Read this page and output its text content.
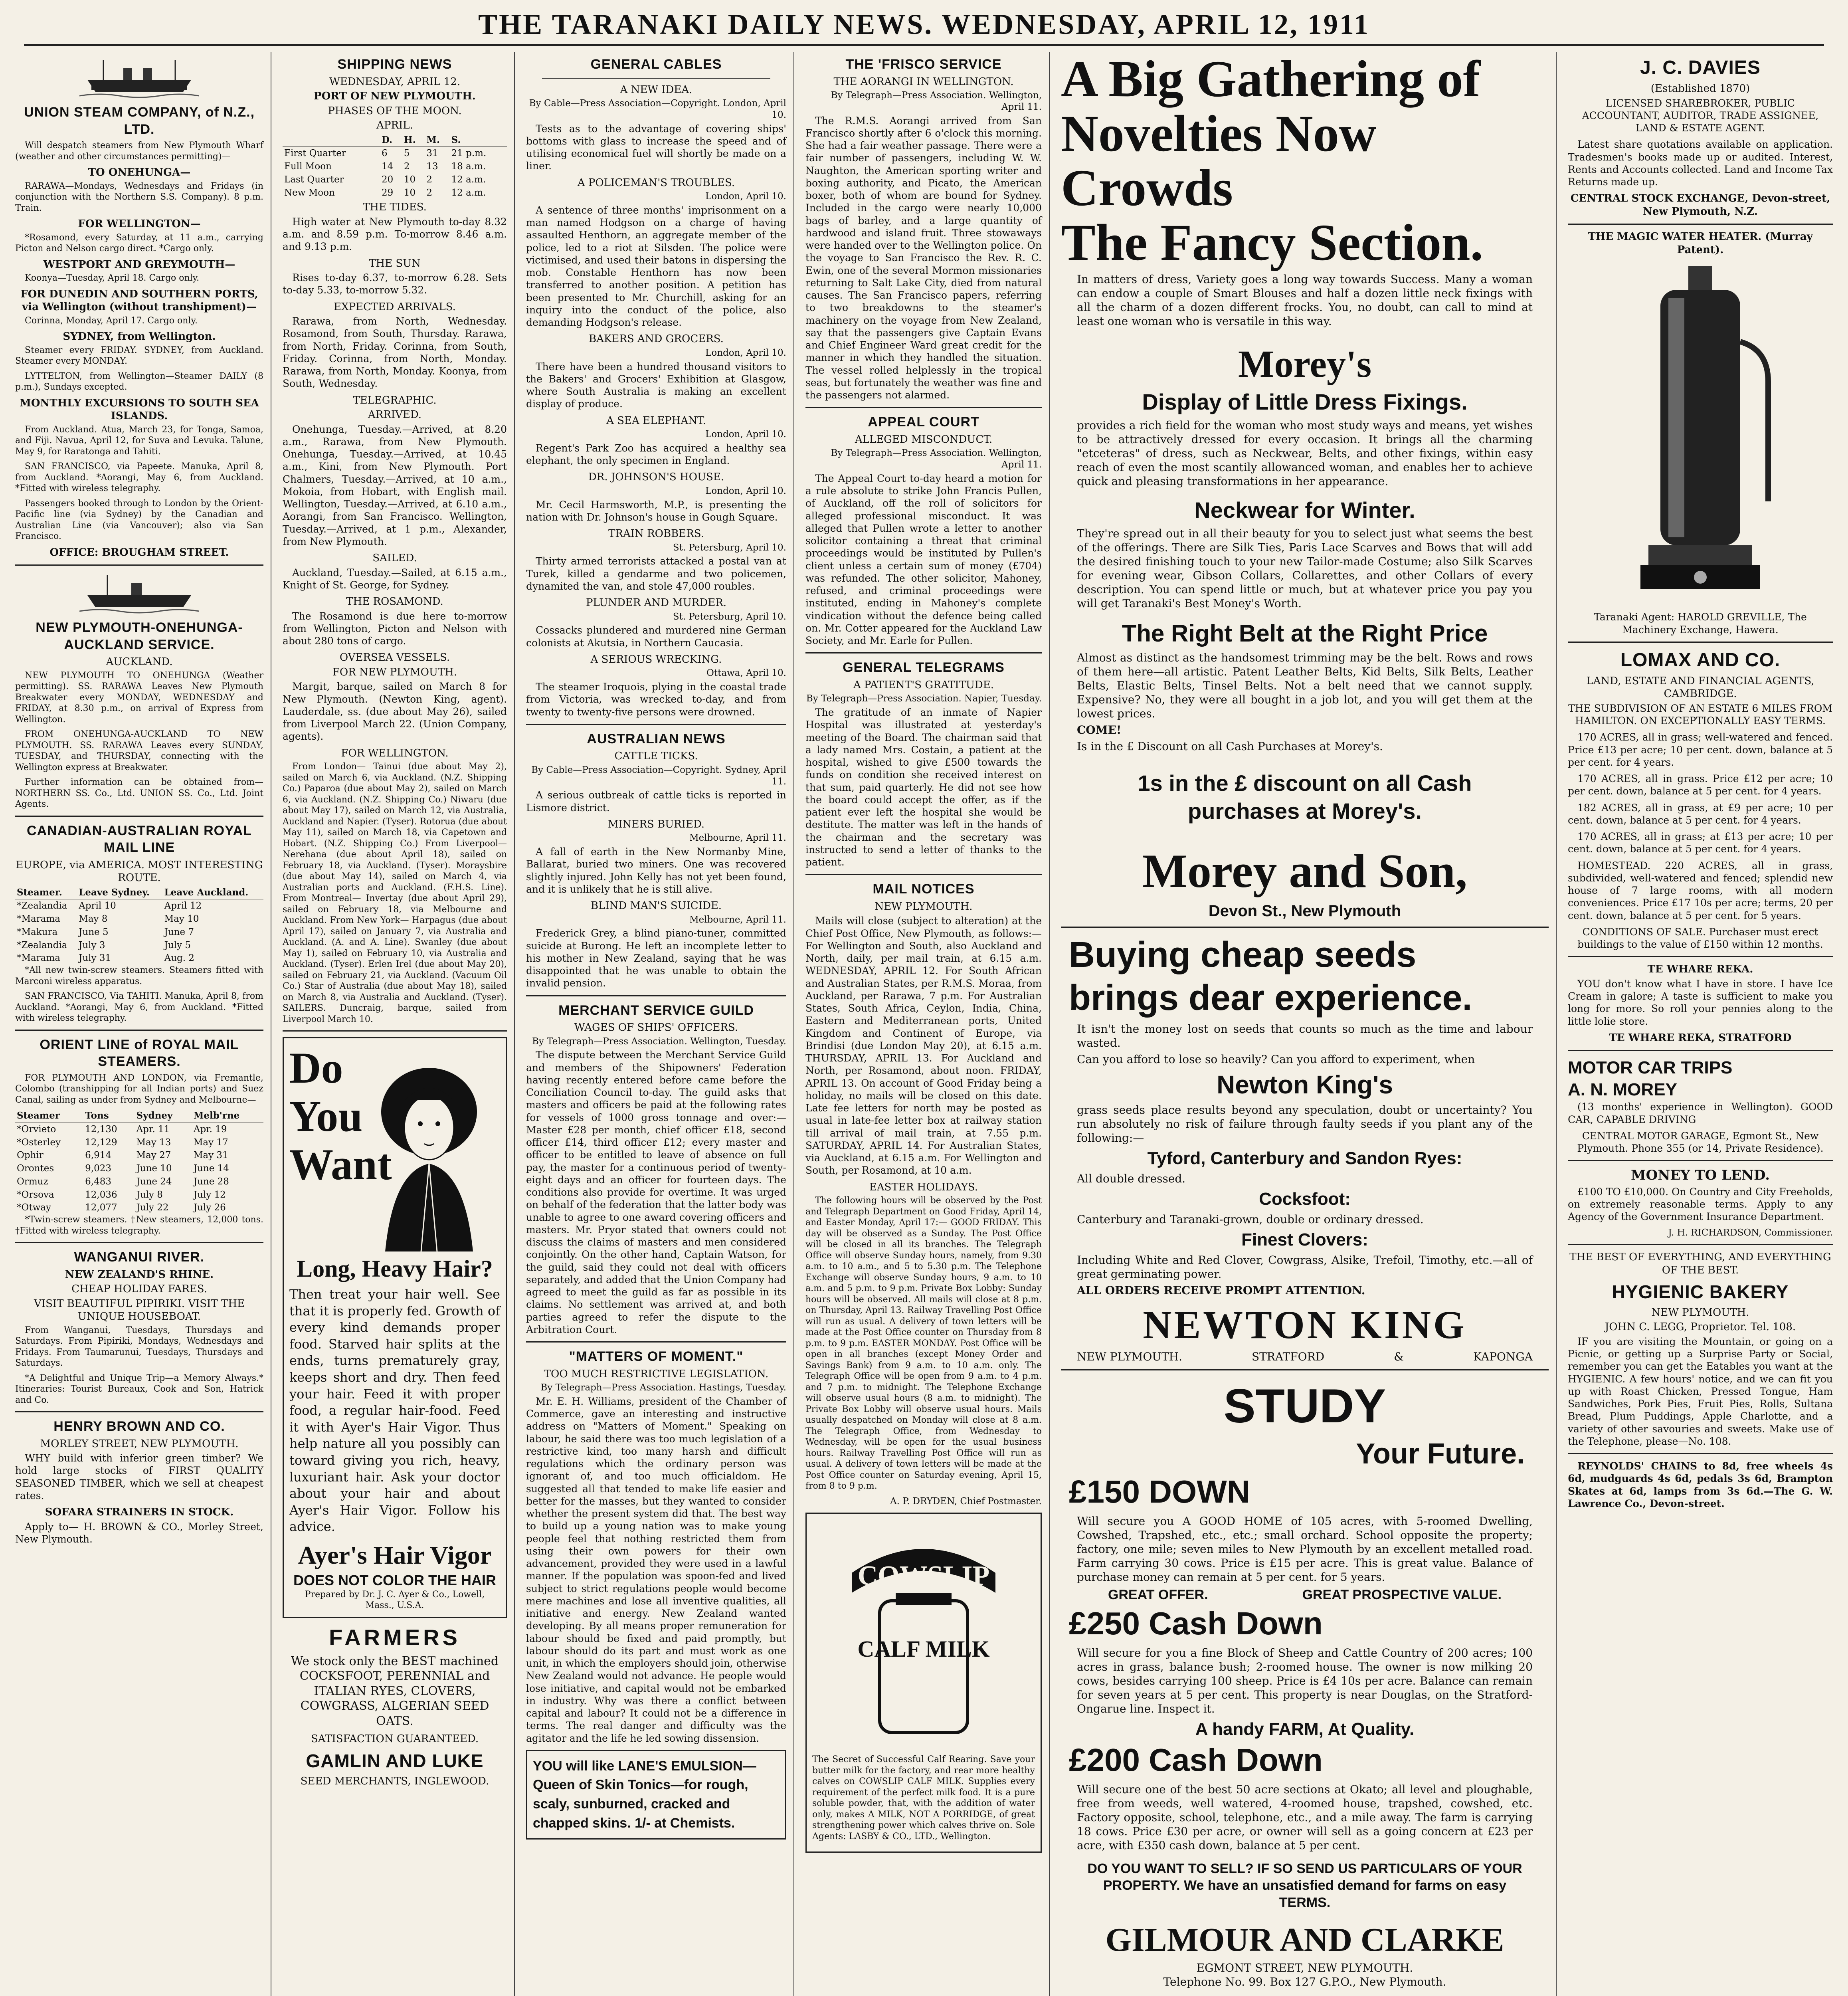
THE TARANAKI DAILY NEWS. WEDNESDAY, APRIL 12, 1911
UNION STEAM COMPANY, of N.Z., LTD.
Will despatch steamers from New Plymouth Wharf (weather and other circumstances permitting)—
TO ONEHUNGA—
RARAWA—Mondays, Wednesdays and Fridays (in conjunction with the Northern S.S. Company). 8 p.m. Train.
FOR WELLINGTON—
*Rosamond, every Saturday, at 11 a.m., carrying Picton and Nelson cargo direct. *Cargo only.
WESTPORT AND GREYMOUTH—
Koonya—Tuesday, April 18. Cargo only.
FOR DUNEDIN AND SOUTHERN PORTS, via Wellington (without transhipment)—
Corinna, Monday, April 17. Cargo only.
SYDNEY, from Wellington.
Steamer every FRIDAY. SYDNEY, from Auckland. Steamer every MONDAY.
LYTTELTON, from Wellington—Steamer DAILY (8 p.m.), Sundays excepted.
MONTHLY EXCURSIONS TO SOUTH SEA ISLANDS.
From Auckland. Atua, March 23, for Tonga, Samoa, and Fiji. Navua, April 12, for Suva and Levuka. Talune, May 9, for Raratonga and Tahiti.
SAN FRANCISCO, via Papeete. Manuka, April 8, from Auckland. *Aorangi, May 6, from Auckland. *Fitted with wireless telegraphy.
Passengers booked through to London by the Orient-Pacific line (via Sydney) by the Canadian and Australian Line (via Vancouver); also via San Francisco.
OFFICE: BROUGHAM STREET.
NEW PLYMOUTH-ONEHUNGA-AUCKLAND SERVICE.
AUCKLAND.
NEW PLYMOUTH TO ONEHUNGA (Weather permitting). SS. RARAWA Leaves New Plymouth Breakwater every MONDAY, WEDNESDAY and FRIDAY, at 8.30 p.m., on arrival of Express from Wellington.
FROM ONEHUNGA-AUCKLAND TO NEW PLYMOUTH. SS. RARAWA Leaves every SUNDAY, TUESDAY, and THURSDAY, connecting with the Wellington express at Breakwater.
Further information can be obtained from— NORTHERN SS. Co., Ltd. UNION SS. Co., Ltd. Joint Agents.
CANADIAN-AUSTRALIAN ROYAL MAIL LINE
EUROPE, via AMERICA. MOST INTERESTING ROUTE.
Steamer.	Leave Sydney.	Leave Auckland.
*Zealandia	April 10	April 12
*Marama	May 8	May 10
*Makura	June 5	June 7
*Zealandia	July 3	July 5
*Marama	July 31	Aug. 2
*All new twin-screw steamers. Steamers fitted with Marconi wireless apparatus.
SAN FRANCISCO, Via TAHITI. Manuka, April 8, from Auckland. *Aorangi, May 6, from Auckland. *Fitted with wireless telegraphy.
ORIENT LINE of ROYAL MAIL STEAMERS.
FOR PLYMOUTH AND LONDON, via Fremantle, Colombo (transhipping for all Indian ports) and Suez Canal, sailing as under from Sydney and Melbourne—
Steamer	Tons	Sydney	Melb'rne
*Orvieto	12,130	Apr. 11	Apr. 19
*Osterley	12,129	May 13	May 17
Ophir	6,914	May 27	May 31
Orontes	9,023	June 10	June 14
Ormuz	6,483	June 24	June 28
*Orsova	12,036	July 8	July 12
*Otway	12,077	July 22	July 26
*Twin-screw steamers. †New steamers, 12,000 tons. †Fitted with wireless telegraphy.
WANGANUI RIVER.
NEW ZEALAND'S RHINE.
CHEAP HOLIDAY FARES.
VISIT BEAUTIFUL PIPIRIKI. VISIT THE UNIQUE HOUSEBOAT.
From Wanganui, Tuesdays, Thursdays and Saturdays. From Pipiriki, Mondays, Wednesdays and Fridays. From Taumarunui, Tuesdays, Thursdays and Saturdays.
*A Delightful and Unique Trip—a Memory Always.* Itineraries: Tourist Bureaux, Cook and Son, Hatrick and Co.
HENRY BROWN AND CO.
MORLEY STREET, NEW PLYMOUTH.
WHY build with inferior green timber? We hold large stocks of FIRST QUALITY SEASONED TIMBER, which we sell at cheapest rates.
SOFARA STRAINERS IN STOCK.
Apply to— H. BROWN & CO., Morley Street, New Plymouth.
SHIPPING NEWS
WEDNESDAY, APRIL 12.
PORT OF NEW PLYMOUTH.
PHASES OF THE MOON.
APRIL.
	D.	H.	M.	S.
First Quarter	6	5	31	21 p.m.
Full Moon	14	2	13	18 a.m.
Last Quarter	20	10	2	12 a.m.
New Moon	29	10	2	12 a.m.
THE TIDES.
High water at New Plymouth to-day 8.32 a.m. and 8.59 p.m. To-morrow 8.46 a.m. and 9.13 p.m.
THE SUN
Rises to-day 6.37, to-morrow 6.28. Sets to-day 5.33, to-morrow 5.32.
EXPECTED ARRIVALS.
Rarawa, from North, Wednesday. Rosamond, from South, Thursday. Rarawa, from North, Friday. Corinna, from South, Friday. Corinna, from North, Monday. Rarawa, from North, Monday. Koonya, from South, Wednesday.
TELEGRAPHIC.
ARRIVED.
Onehunga, Tuesday.—Arrived, at 8.20 a.m., Rarawa, from New Plymouth. Onehunga, Tuesday.—Arrived, at 10.45 a.m., Kini, from New Plymouth. Port Chalmers, Tuesday.—Arrived, at 10 a.m., Mokoia, from Hobart, with English mail. Wellington, Tuesday.—Arrived, at 6.10 a.m., Aorangi, from San Francisco. Wellington, Tuesday.—Arrived, at 1 p.m., Alexander, from New Plymouth.
SAILED.
Auckland, Tuesday.—Sailed, at 6.15 a.m., Knight of St. George, for Sydney.
THE ROSAMOND.
The Rosamond is due here to-morrow from Wellington, Picton and Nelson with about 280 tons of cargo.
OVERSEA VESSELS.
FOR NEW PLYMOUTH.
Margit, barque, sailed on March 8 for New Plymouth. (Newton King, agent). Lauderdale, ss. (due about May 26), sailed from Liverpool March 22. (Union Company, agents).
FOR WELLINGTON.
From London— Tainui (due about May 2), sailed on March 6, via Auckland. (N.Z. Shipping Co.) Paparoa (due about May 2), sailed on March 6, via Auckland. (N.Z. Shipping Co.) Niwaru (due about May 17), sailed on March 12, via Australia, Auckland and Napier. (Tyser). Rotorua (due about May 11), sailed on March 18, via Capetown and Hobart. (N.Z. Shipping Co.) From Liverpool— Nerehana (due about April 18), sailed on February 18, via Auckland. (Tyser). Moraysbire (due about May 14), sailed on March 4, via Australian ports and Auckland. (F.H.S. Line). From Montreal— Invertay (due about April 29), sailed on February 18, via Melbourne and Auckland. From New York— Harpagus (due about April 17), sailed on January 7, via Australia and Auckland. (A. and A. Line). Swanley (due about May 1), sailed on February 10, via Australia and Auckland. (Tyser). Erlen Irel (due about May 20), sailed on February 21, via Auckland. (Vacuum Oil Co.) Star of Australia (due about May 18), sailed on March 8, via Australia and Auckland. (Tyser). SAILERS. Duncraig, barque, sailed from Liverpool March 10.
Do
You
Want
Long, Heavy Hair?
Then treat your hair well. See that it is properly fed. Growth of every kind demands proper food. Starved hair splits at the ends, turns prematurely gray, keeps short and dry. Then feed your hair. Feed it with proper food, a regular hair-food. Feed it with Ayer's Hair Vigor. Thus help nature all you possibly can toward giving you rich, heavy, luxuriant hair. Ask your doctor about your hair and about Ayer's Hair Vigor. Follow his advice.
Ayer's Hair Vigor
DOES NOT COLOR THE HAIR
Prepared by Dr. J. C. Ayer & Co., Lowell, Mass., U.S.A.
FARMERS
We stock only the BEST machined COCKSFOOT, PERENNIAL and ITALIAN RYES, CLOVERS, COWGRASS, ALGERIAN SEED OATS.
SATISFACTION GUARANTEED.
GAMLIN AND LUKE
SEED MERCHANTS, INGLEWOOD.
GENERAL CABLES
A NEW IDEA.
By Cable—Press Association—Copyright. London, April 10.
Tests as to the advantage of covering ships' bottoms with glass to increase the speed and of utilising economical fuel will shortly be made on a liner.
A POLICEMAN'S TROUBLES.
London, April 10.
A sentence of three months' imprisonment on a man named Hodgson on a charge of having assaulted Henthorn, an aggregate member of the police, led to a riot at Silsden. The police were victimised, and used their batons in dispersing the mob. Constable Henthorn has now been transferred to another position. A petition has been presented to Mr. Churchill, asking for an inquiry into the conduct of the police, also demanding Hodgson's release.
BAKERS AND GROCERS.
London, April 10.
There have been a hundred thousand visitors to the Bakers' and Grocers' Exhibition at Glasgow, where South Australia is making an excellent display of produce.
A SEA ELEPHANT.
London, April 10.
Regent's Park Zoo has acquired a healthy sea elephant, the only specimen in England.
DR. JOHNSON'S HOUSE.
London, April 10.
Mr. Cecil Harmsworth, M.P., is presenting the nation with Dr. Johnson's house in Gough Square.
TRAIN ROBBERS.
St. Petersburg, April 10.
Thirty armed terrorists attacked a postal van at Turek, killed a gendarme and two policemen, dynamited the van, and stole 47,000 roubles.
PLUNDER AND MURDER.
St. Petersburg, April 10.
Cossacks plundered and murdered nine German colonists at Akutsia, in Northern Caucasia.
A SERIOUS WRECKING.
Ottawa, April 10.
The steamer Iroquois, plying in the coastal trade from Victoria, was wrecked to-day, and from twenty to twenty-five persons were drowned.
AUSTRALIAN NEWS
CATTLE TICKS.
By Cable—Press Association—Copyright. Sydney, April 11.
A serious outbreak of cattle ticks is reported in Lismore district.
MINERS BURIED.
Melbourne, April 11.
A fall of earth in the New Normanby Mine, Ballarat, buried two miners. One was recovered slightly injured. John Kelly has not yet been found, and it is unlikely that he is still alive.
BLIND MAN'S SUICIDE.
Melbourne, April 11.
Frederick Grey, a blind piano-tuner, committed suicide at Burong. He left an incomplete letter to his mother in New Zealand, saying that he was disappointed that he was unable to obtain the invalid pension.
MERCHANT SERVICE GUILD
WAGES OF SHIPS' OFFICERS.
By Telegraph—Press Association. Wellington, Tuesday.
The dispute between the Merchant Service Guild and members of the Shipowners' Federation having recently entered before came before the Conciliation Council to-day. The guild asks that masters and officers be paid at the following rates for vessels of 1000 gross tonnage and over:— Master £28 per month, chief officer £18, second officer £14, third officer £12; every master and officer to be entitled to leave of absence on full pay, the master for a continuous period of twenty-eight days and an officer for fourteen days. The conditions also provide for overtime. It was urged on behalf of the federation that the latter body was unable to agree to one award covering officers and masters. Mr. Pryor stated that owners could not discuss the claims of masters and men considered conjointly. On the other hand, Captain Watson, for the guild, said they could not deal with officers separately, and added that the Union Company had agreed to meet the guild as far as possible in its claims. No settlement was arrived at, and both parties agreed to refer the dispute to the Arbitration Court.
"MATTERS OF MOMENT."
TOO MUCH RESTRICTIVE LEGISLATION.
By Telegraph—Press Association. Hastings, Tuesday.
Mr. E. H. Williams, president of the Chamber of Commerce, gave an interesting and instructive address on "Matters of Moment." Speaking on labour, he said there was too much legislation of a restrictive kind, too many harsh and difficult regulations which the ordinary person was ignorant of, and too much officialdom. He suggested all that tended to make life easier and better for the masses, but they wanted to consider whether the present system did that. The best way to build up a young nation was to make young people feel that nothing restricted them from using their own powers for their own advancement, provided they were used in a lawful manner. If the population was spoon-fed and lived subject to strict regulations people would become mere machines and lose all inventive qualities, all initiative and energy. New Zealand wanted developing. By all means proper remuneration for labour should be fixed and paid promptly, but labour should do its part and must work as one unit, in which the employers should join, otherwise New Zealand would not advance. He people would lose initiative, and capital would not be embarked in industry. Why was there a conflict between capital and labour? It could not be a difference in terms. The real danger and difficulty was the agitator and the life he led sowing dissension.
YOU will like LANE'S EMULSION—Queen of Skin Tonics—for rough, scaly, sunburned, cracked and chapped skins. 1/- at Chemists.
THE 'FRISCO SERVICE
THE AORANGI IN WELLINGTON.
By Telegraph—Press Association. Wellington, April 11.
The R.M.S. Aorangi arrived from San Francisco shortly after 6 o'clock this morning. She had a fair weather passage. There were a fair number of passengers, including W. W. Naughton, the American sporting writer and boxing authority, and Picato, the American boxer, both of whom are bound for Sydney. Included in the cargo were nearly 10,000 bags of barley, and a large quantity of hardwood and island fruit. Three stowaways were handed over to the Wellington police. On the voyage to San Francisco the Rev. R. C. Ewin, one of the several Mormon missionaries returning to Salt Lake City, died from natural causes. The San Francisco papers, referring to two breakdowns to the steamer's machinery on the voyage from New Zealand, say that the passengers give Captain Evans and Chief Engineer Ward great credit for the manner in which they handled the situation. The vessel rolled helplessly in the tropical seas, but fortunately the weather was fine and the passengers not alarmed.
APPEAL COURT
ALLEGED MISCONDUCT.
By Telegraph—Press Association. Wellington, April 11.
The Appeal Court to-day heard a motion for a rule absolute to strike John Francis Pullen, of Auckland, off the roll of solicitors for alleged professional misconduct. It was alleged that Pullen wrote a letter to another solicitor containing a threat that criminal proceedings would be instituted by Pullen's client unless a certain sum of money (£704) was refunded. The other solicitor, Mahoney, refused, and criminal proceedings were instituted, ending in Mahoney's complete vindication without the defence being called on. Mr. Cotter appeared for the Auckland Law Society, and Mr. Earle for Pullen.
GENERAL TELEGRAMS
A PATIENT'S GRATITUDE.
By Telegraph—Press Association. Napier, Tuesday.
The gratitude of an inmate of Napier Hospital was illustrated at yesterday's meeting of the Board. The chairman said that a lady named Mrs. Costain, a patient at the hospital, wished to give £500 towards the funds on condition she received interest on that sum, paid quarterly. He did not see how the board could accept the offer, as if the patient ever left the hospital she would be destitute. The matter was left in the hands of the chairman and the secretary was instructed to send a letter of thanks to the patient.
MAIL NOTICES
NEW PLYMOUTH.
Mails will close (subject to alteration) at the Chief Post Office, New Plymouth, as follows:— For Wellington and South, also Auckland and North, daily, per mail train, at 6.15 a.m. WEDNESDAY, APRIL 12. For South African and Australian States, per R.M.S. Moraa, from Auckland, per Rarawa, 7 p.m. For Australian States, South Africa, Ceylon, India, China, Eastern and Mediterranean ports, United Kingdom and Continent of Europe, via Brindisi (due London May 20), at 6.15 a.m. THURSDAY, APRIL 13. For Auckland and North, per Rosamond, about noon. FRIDAY, APRIL 13. On account of Good Friday being a holiday, no mails will be closed on this date. Late fee letters for north may be posted as usual in late-fee letter box at railway station till arrival of mail train, at 7.55 p.m. SATURDAY, APRIL 14. For Australian States, via Auckland, at 6.15 a.m. For Wellington and South, per Rosamond, at 10 a.m.
EASTER HOLIDAYS.
The following hours will be observed by the Post and Telegraph Department on Good Friday, April 14, and Easter Monday, April 17:— GOOD FRIDAY. This day will be observed as a Sunday. The Post Office will be closed in all its branches. The Telegraph Office will observe Sunday hours, namely, from 9.30 a.m. to 10 a.m., and 5 to 5.30 p.m. The Telephone Exchange will observe Sunday hours, 9 a.m. to 10 a.m. and 5 p.m. to 9 p.m. Private Box Lobby: Sunday hours will be observed. All mails will close at 8 p.m. on Thursday, April 13. Railway Travelling Post Office will run as usual. A delivery of town letters will be made at the Post Office counter on Thursday from 8 p.m. to 9 p.m. EASTER MONDAY. Post Office will be open in all branches (except Money Order and Savings Bank) from 9 a.m. to 10 a.m. only. The Telegraph Office will be open from 9 a.m. to 4 p.m. and 7 p.m. to midnight. The Telephone Exchange will observe usual hours (8 a.m. to midnight). The Private Box Lobby will observe usual hours. Mails usually despatched on Monday will close at 8 a.m. The Telegraph Office, from Wednesday to Wednesday, will be open for the usual business hours. Railway Travelling Post Office will run as usual. A delivery of town letters will be made at the Post Office counter on Saturday evening, April 15, from 8 to 9 p.m.
A. P. DRYDEN, Chief Postmaster.
COWSLIP
CALF MILK
The Secret of Successful Calf Rearing. Save your butter milk for the factory, and rear more healthy calves on COWSLIP CALF MILK. Supplies every requirement of the perfect milk food. It is a pure soluble powder, that, with the addition of water only, makes A MILK, NOT A PORRIDGE, of great strengthening power which calves thrive on. Sole Agents: LASBY & CO., LTD., Wellington.
A Big Gathering of
Novelties Now Crowds
The Fancy Section.

In matters of dress, Variety goes a long way towards Success. Many a woman can endow a couple of Smart Blouses and half a dozen little neck fixings with all the charm of a dozen different frocks. You, no doubt, can call to mind at least one woman who is versatile in this way.

Morey's
Display of Little Dress Fixings.

provides a rich field for the woman who most study ways and means, yet wishes to be attractively dressed for every occasion. It brings all the charming "etceteras" of dress, such as Neckwear, Belts, and other fixings, within easy reach of even the most scantily allowanced woman, and enables her to achieve quick and pleasing transformations in her appearance.

Neckwear for Winter.

They're spread out in all their beauty for you to select just what seems the best of the offerings. There are Silk Ties, Paris Lace Scarves and Bows that will add the desired finishing touch to your new Tailor-made Costume; also Silk Scarves for evening wear, Gibson Collars, Collarettes, and other Collars of every description. You can spend little or much, but at whatever price you pay you will get Taranaki's Best Money's Worth.

The Right Belt at the Right Price

Almost as distinct as the handsomest trimming may be the belt. Rows and rows of them here—all artistic. Patent Leather Belts, Kid Belts, Silk Belts, Leather Belts, Elastic Belts, Tinsel Belts. Not a belt need that we cannot supply. Expensive? No, they were all bought in a job lot, and you will get them at the lowest prices.

COME!

Is in the £ Discount on all Cash Purchases at Morey's.

1s in the £ discount on all Cash purchases at Morey's.
Morey and Son,
Devon St., New Plymouth
Buying cheap seeds
brings dear experience.

It isn't the money lost on seeds that counts so much as the time and labour wasted.

Can you afford to lose so heavily? Can you afford to experiment, when

Newton King's

grass seeds place results beyond any speculation, doubt or uncertainty? You run absolutely no risk of failure through faulty seeds if you plant any of the following:—

Tyford, Canterbury and Sandon Ryes:

All double dressed.

Cocksfoot:

Canterbury and Taranaki-grown, double or ordinary dressed.

Finest Clovers:

Including White and Red Clover, Cowgrass, Alsike, Trefoil, Timothy, etc.—all of great germinating power.

ALL ORDERS RECEIVE PROMPT ATTENTION.

NEWTON KING
NEW PLYMOUTH.	STRATFORD	&	KAPONGA
STUDY
Your Future.
£150 DOWN

Will secure you A GOOD HOME of 105 acres, with 5-roomed Dwelling, Cowshed, Trapshed, etc., etc.; small orchard. School opposite the property; factory, one mile; seven miles to New Plymouth by an excellent metalled road. Farm carrying 30 cows. Price is £15 per acre. This is great value. Balance of purchase money can remain at 5 per cent. for 5 years.

GREAT OFFER.	GREAT PROSPECTIVE VALUE.
£250 Cash Down

Will secure for you a fine Block of Sheep and Cattle Country of 200 acres; 100 acres in grass, balance bush; 2-roomed house. The owner is now milking 20 cows, besides carrying 100 sheep. Price is £4 10s per acre. Balance can remain for seven years at 5 per cent. This property is near Douglas, on the Stratford-Ongarue line. Inspect it.

A handy FARM, At Quality.
£200 Cash Down

Will secure one of the best 50 acre sections at Okato; all level and ploughable, free from weeds, well watered, 4-roomed house, trapshed, cowshed, etc. Factory opposite, school, telephone, etc., and a mile away. The farm is carrying 18 cows. Price £30 per acre, or owner will sell as a going concern at £23 per acre, with £350 cash down, balance at 5 per cent.

DO YOU WANT TO SELL? IF SO SEND US PARTICULARS OF YOUR PROPERTY. We have an unsatisfied demand for farms on easy TERMS.
GILMOUR AND CLARKE
EGMONT STREET, NEW PLYMOUTH.
Telephone No. 99. Box 127 G.P.O., New Plymouth.
J. C. DAVIES
(Established 1870)
LICENSED SHAREBROKER, PUBLIC ACCOUNTANT, AUDITOR, TRADE ASSIGNEE, LAND & ESTATE AGENT.
Latest share quotations available on application. Tradesmen's books made up or audited. Interest, Rents and Accounts collected. Land and Income Tax Returns made up.
CENTRAL STOCK EXCHANGE, Devon-street, New Plymouth, N.Z.
THE MAGIC WATER HEATER. (Murray Patent).
Taranaki Agent: HAROLD GREVILLE, The Machinery Exchange, Hawera.
LOMAX AND CO.
LAND, ESTATE AND FINANCIAL AGENTS, CAMBRIDGE.
THE SUBDIVISION OF AN ESTATE 6 MILES FROM HAMILTON. ON EXCEPTIONALLY EASY TERMS.
170 ACRES, all in grass; well-watered and fenced. Price £13 per acre; 10 per cent. down, balance at 5 per cent. for 4 years.
170 ACRES, all in grass. Price £12 per acre; 10 per cent. down, balance at 5 per cent. for 4 years.
182 ACRES, all in grass, at £9 per acre; 10 per cent. down, balance at 5 per cent. for 4 years.
170 ACRES, all in grass; at £13 per acre; 10 per cent. down, balance at 5 per cent. for 4 years.
HOMESTEAD. 220 ACRES, all in grass, subdivided, well-watered and fenced; splendid new house of 7 large rooms, with all modern conveniences. Price £17 10s per acre; terms, 20 per cent. down, balance at 5 per cent. for 5 years.
CONDITIONS OF SALE. Purchaser must erect buildings to the value of £150 within 12 months.
TE WHARE REKA.
YOU don't know what I have in store. I have Ice Cream in galore; A taste is sufficient to make you long for more. So roll your pennies along to the little lolie store.
TE WHARE REKA, STRATFORD
MOTOR CAR TRIPS
A. N. MOREY
(13 months' experience in Wellington). GOOD CAR, CAPABLE DRIVING
CENTRAL MOTOR GARAGE, Egmont St., New Plymouth. Phone 355 (or 14, Private Residence).
MONEY TO LEND.
£100 TO £10,000. On Country and City Freeholds, on extremely reasonable terms. Apply to any Agency of the Government Insurance Department.
J. H. RICHARDSON, Commissioner.
THE BEST OF EVERYTHING, AND EVERYTHING OF THE BEST.
HYGIENIC BAKERY
NEW PLYMOUTH.
JOHN C. LEGG, Proprietor. Tel. 108.
IF you are visiting the Mountain, or going on a Picnic, or getting up a Surprise Party or Social, remember you can get the Eatables you want at the HYGIENIC. A few hours' notice, and we can fit you up with Roast Chicken, Pressed Tongue, Ham Sandwiches, Pork Pies, Fruit Pies, Rolls, Sultana Bread, Plum Puddings, Apple Charlotte, and a variety of other savouries and sweets. Make use of the Telephone, please—No. 108.
REYNOLDS' CHAINS to 8d, free wheels 4s 6d, mudguards 4s 6d, pedals 3s 6d, Brampton Skates at 6d, lamps from 3s 6d.—The G. W. Lawrence Co., Devon-street.
